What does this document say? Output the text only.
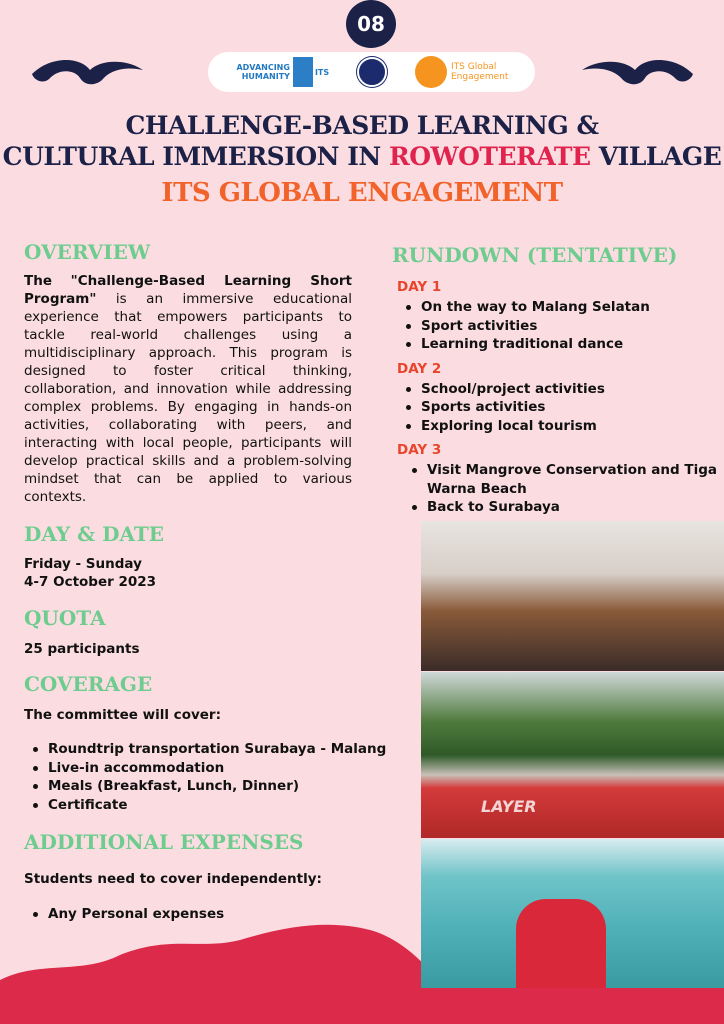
08
ADVANCING HUMANITY	ITS	ITS Global Engagement
CHALLENGE-BASED LEARNING &
CULTURAL IMMERSION IN ROWOTERATE VILLAGE
ITS GLOBAL ENGAGEMENT
OVERVIEW
The "Challenge-Based Learning Short Program" is an immersive educational experience that empowers participants to tackle real-world challenges using a multidisciplinary approach. This program is designed to foster critical thinking, collaboration, and innovation while addressing complex problems. By engaging in hands-on activities, collaborating with peers, and interacting with local people, participants will develop practical skills and a problem-solving mindset that can be applied to various contexts.
DAY & DATE
Friday - Sunday
4-7 October 2023
QUOTA
25 participants
COVERAGE
The committee will cover:
Roundtrip transportation Surabaya - Malang
Live-in accommodation
Meals (Breakfast, Lunch, Dinner)
Certificate
ADDITIONAL EXPENSES
Students need to cover independently:
Any Personal expenses
RUNDOWN (TENTATIVE)
DAY 1
On the way to Malang Selatan
Sport activities
Learning traditional dance
DAY 2
School/project activities
Sports activities
Exploring local tourism
DAY 3
Visit Mangrove Conservation and Tiga Warna Beach
Back to Surabaya
LAYER
